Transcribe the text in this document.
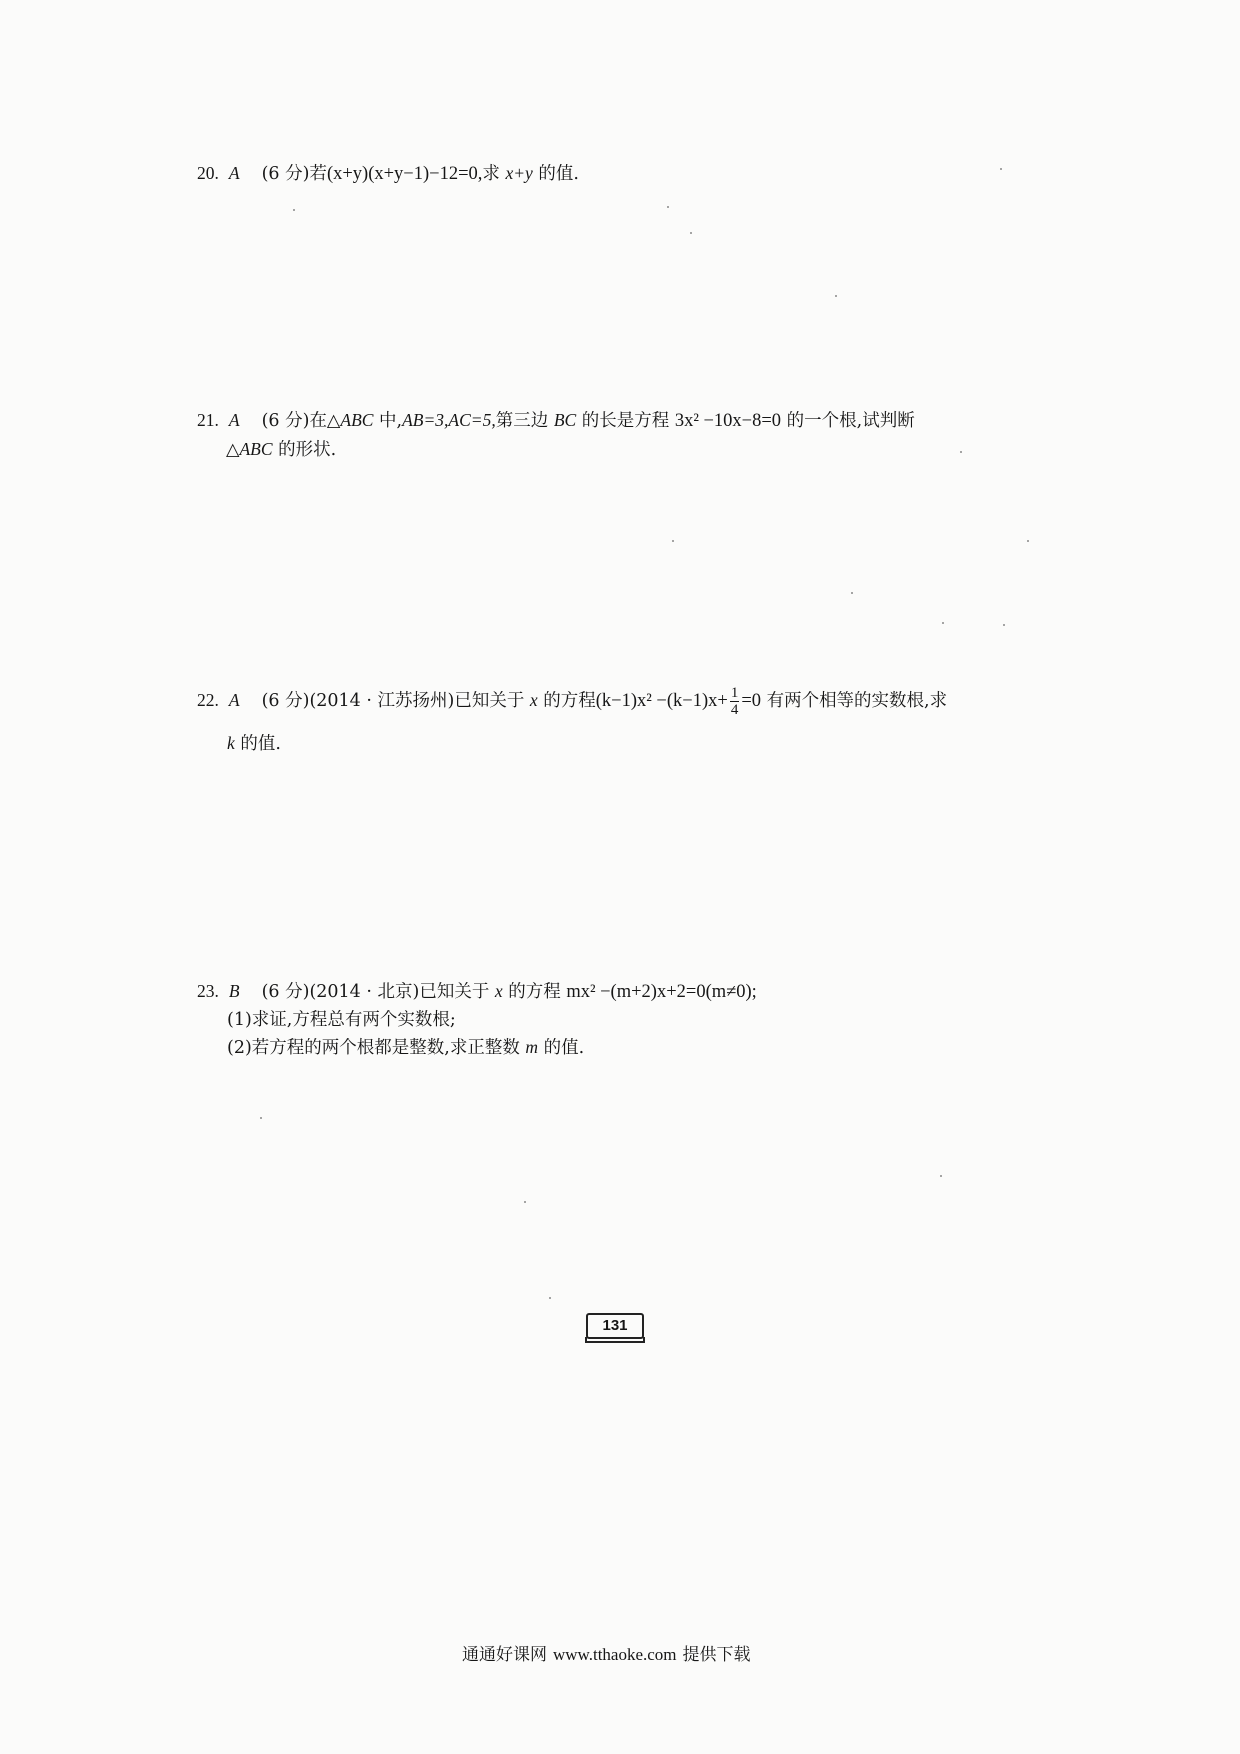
20. A (6 分)若(x+y)(x+y−1)−12=0,求 x+y 的值.
21. A (6 分)在△ABC 中,AB=3,AC=5,第三边 BC 的长是方程 3x² −10x−8=0 的一个根,试判断
△ABC 的形状.
22. A (6 分)(2014 · 江苏扬州)已知关于 x 的方程$(k-1)x^2 -(k-1)x+ \frac{1}{4} =0$ 有两个相等的实数根,求
k 的值.
23. B (6 分)(2014 · 北京)已知关于 x 的方程 mx² −(m+2)x+2=0(m≠0);
(1)求证,方程总有两个实数根;
(2)若方程的两个根都是整数,求正整数 m 的值.
131
通通好课网 www.tthaoke.com 提供下载
